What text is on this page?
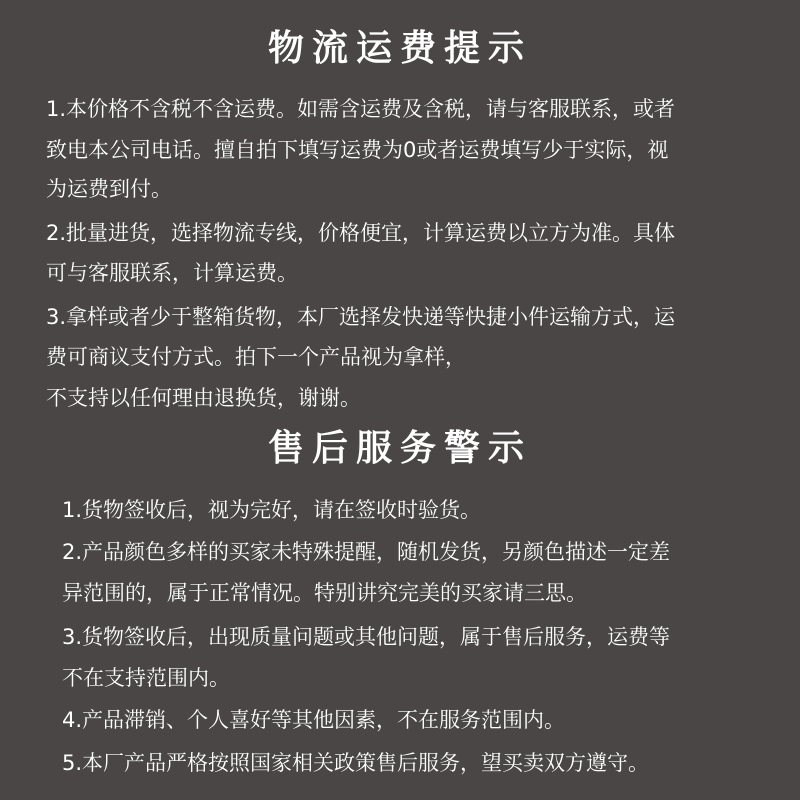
物流运费提示
1.本价格不含税不含运费。如需含运费及含税，请与客服联系，或者
致电本公司电话。擅自拍下填写运费为0或者运费填写少于实际，视
为运费到付。
2.批量进货，选择物流专线，价格便宜，计算运费以立方为准。具体
可与客服联系，计算运费。
3.拿样或者少于整箱货物，本厂选择发快递等快捷小件运输方式，运
费可商议支付方式。拍下一个产品视为拿样，
不支持以任何理由退换货，谢谢。
售后服务警示
1.货物签收后，视为完好，请在签收时验货。
2.产品颜色多样的买家未特殊提醒，随机发货，另颜色描述一定差
异范围的，属于正常情况。特别讲究完美的买家请三思。
3.货物签收后，出现质量问题或其他问题，属于售后服务，运费等
不在支持范围内。
4.产品滞销、个人喜好等其他因素，不在服务范围内。
5.本厂产品严格按照国家相关政策售后服务，望买卖双方遵守。
